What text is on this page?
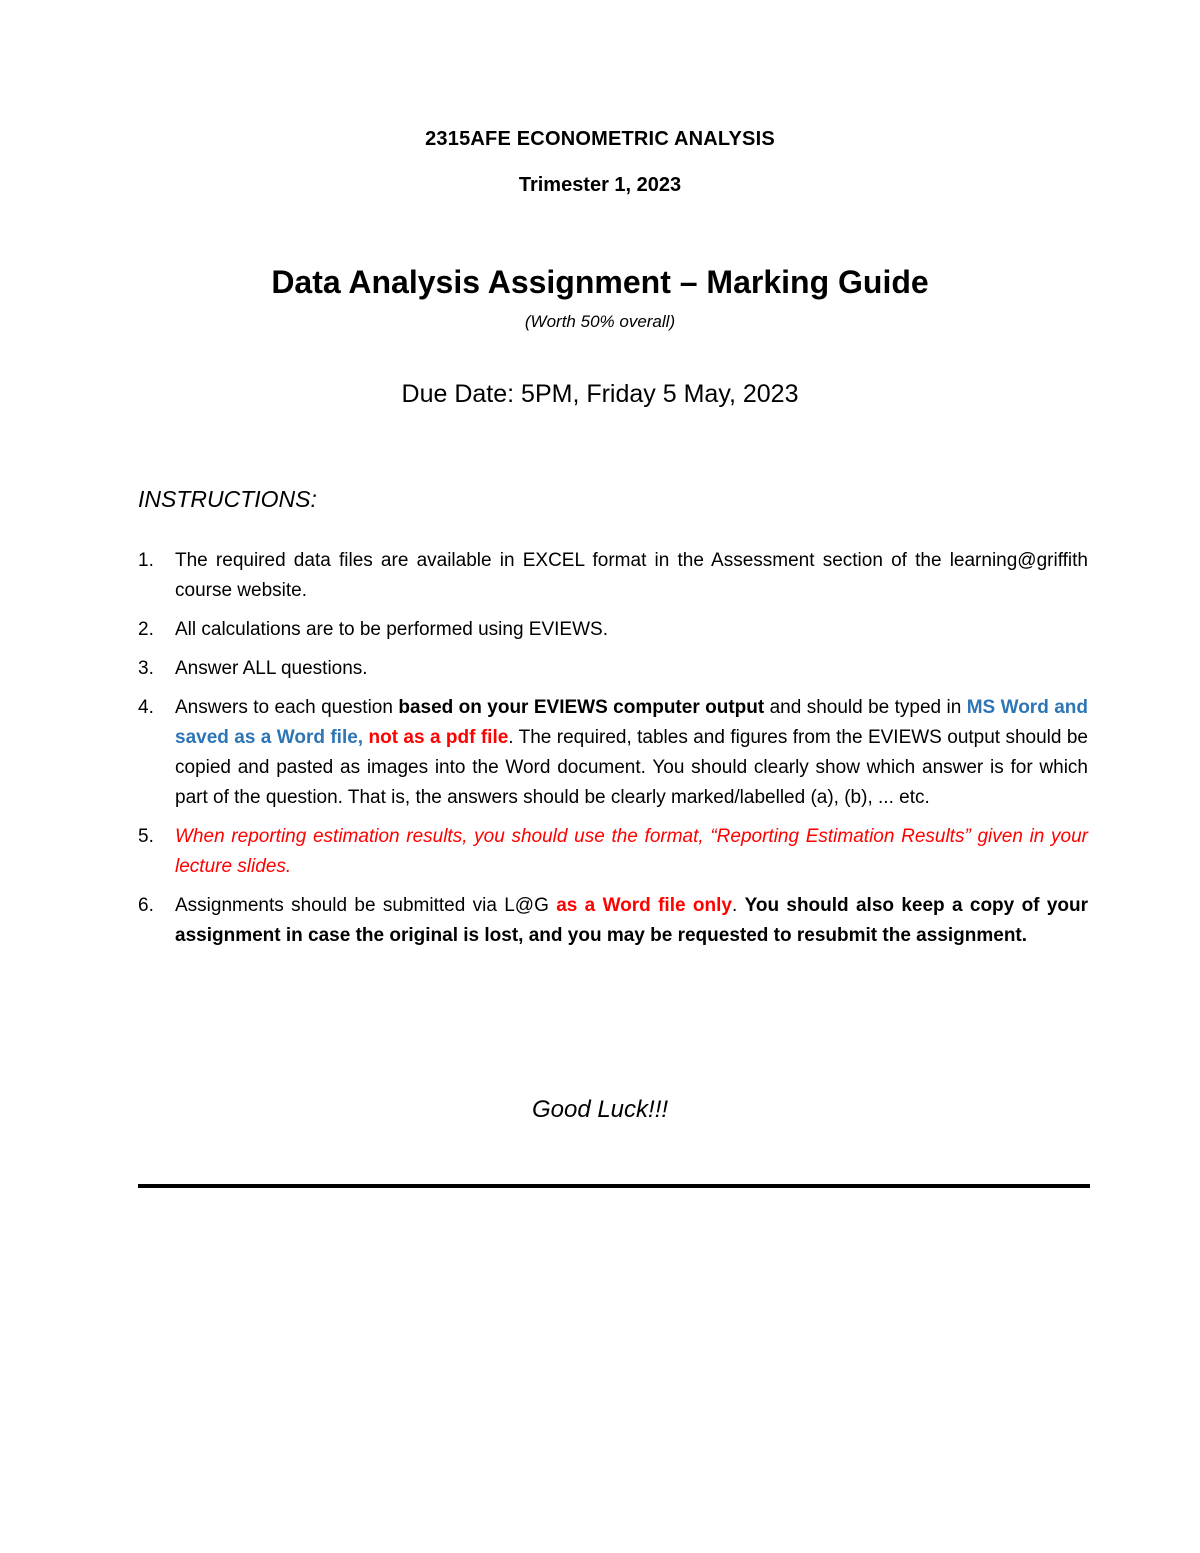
2315AFE ECONOMETRIC ANALYSIS
Trimester 1, 2023
Data Analysis Assignment – Marking Guide
(Worth 50% overall)
Due Date: 5PM, Friday 5 May, 2023
INSTRUCTIONS:
1. The required data files are available in EXCEL format in the Assessment section of the learning@griffith course website.
2. All calculations are to be performed using EVIEWS.
3. Answer ALL questions.
4. Answers to each question based on your EVIEWS computer output and should be typed in MS Word and saved as a Word file, not as a pdf file. The required, tables and figures from the EVIEWS output should be copied and pasted as images into the Word document. You should clearly show which answer is for which part of the question. That is, the answers should be clearly marked/labelled (a), (b), ... etc.
5. When reporting estimation results, you should use the format, “Reporting Estimation Results” given in your lecture slides.
6. Assignments should be submitted via L@G as a Word file only. You should also keep a copy of your assignment in case the original is lost, and you may be requested to resubmit the assignment.
Good Luck!!!
